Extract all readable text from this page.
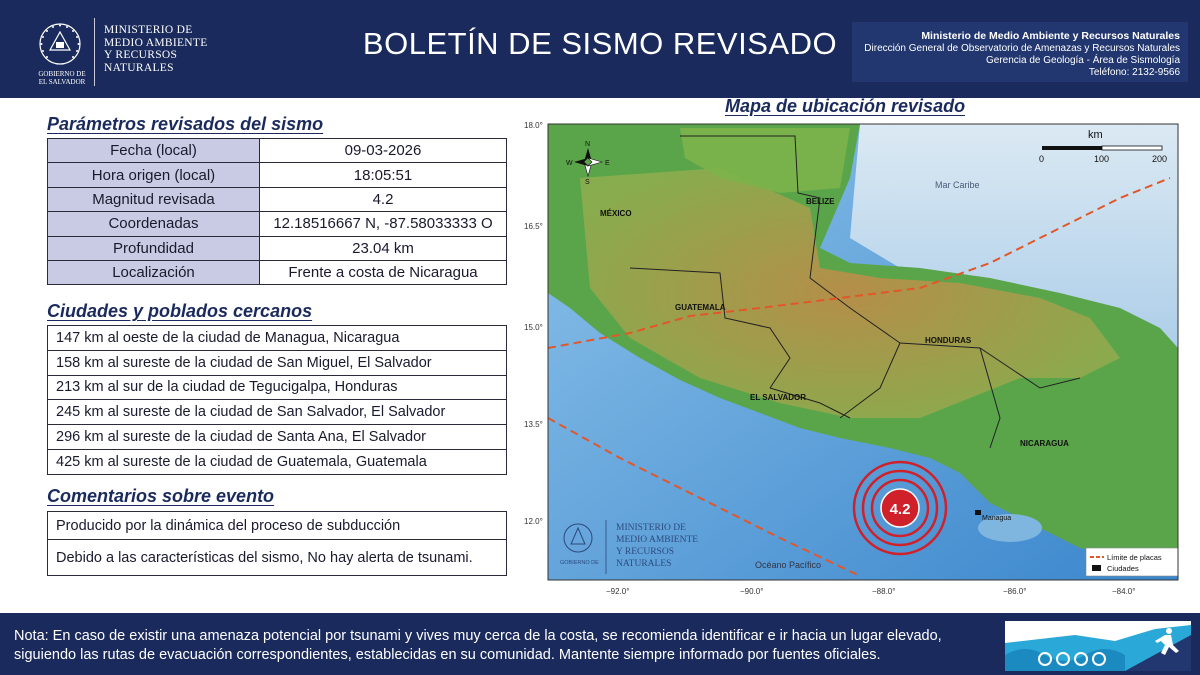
GOBIERNO DE
EL SALVADOR
MINISTERIO DE
MEDIO AMBIENTE
Y RECURSOS
NATURALES
BOLETÍN DE SISMO REVISADO	Ministerio de Medio Ambiente y Recursos Naturales
Dirección General de Observatorio de Amenazas y Recursos Naturales
Gerencia de Geología - Área de Sismología
Teléfono: 2132-9566
Parámetros revisados del sismo
Fecha (local)	09-03-2026
Hora origen (local)	18:05:51
Magnitud revisada	4.2
Coordenadas	12.18516667 N, -87.58033333 O
Profundidad	23.04 km
Localización	Frente a costa de Nicaragua
Ciudades y poblados cercanos
147 km al oeste de la ciudad de Managua, Nicaragua
158 km al sureste de la ciudad de San Miguel, El Salvador
213 km al sur de la ciudad de Tegucigalpa, Honduras
245 km al sureste de la ciudad de San Salvador, El Salvador
296 km al sureste de la ciudad de Santa Ana, El Salvador
425 km al sureste de la ciudad de Guatemala, Guatemala
Comentarios sobre evento
Producido por la dinámica del proceso de subducción
Debido a las características del sismo, No hay alerta de tsunami.
Mapa de ubicación revisado
Managua
MÉXICO
BELIZE
GUATEMALA
HONDURAS
EL SALVADOR
NICARAGUA
Mar Caribe
Océano Pacífico
N
S
W	E
km
0	100	200
4.2
GOBIERNO DE
MINISTERIO DE
MEDIO AMBIENTE
Y RECURSOS
NATURALES
Límite de placas
Ciudades
18.0°
16.5°
15.0°
13.5°
12.0°
−92.0°	−90.0°	−88.0°	−86.0°	−84.0°
Nota: En caso de existir una amenaza potencial por tsunami y vives muy cerca de la costa, se recomienda identificar e ir hacia un lugar elevado, siguiendo las rutas de evacuación correspondientes, establecidas en su comunidad. Mantente siempre informado por fuentes oficiales.
